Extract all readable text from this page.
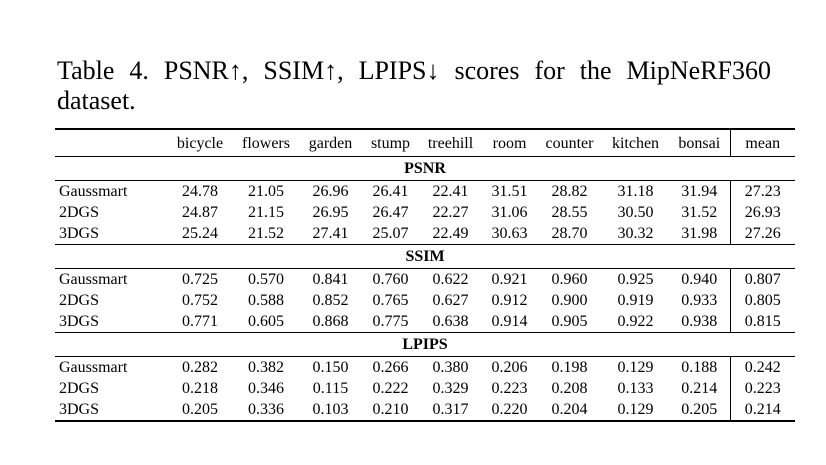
Table 4. PSNR↑, SSIM↑, LPIPS↓ scores for the MipNeRF360
dataset.

	bicycle	flowers	garden	stump	treehill	room	counter	kitchen	bonsai	mean
PSNR										
Gaussmart	24.78	21.05	26.96	26.41	22.41	31.51	28.82	31.18	31.94	27.23
2DGS	24.87	21.15	26.95	26.47	22.27	31.06	28.55	30.50	31.52	26.93
3DGS	25.24	21.52	27.41	25.07	22.49	30.63	28.70	30.32	31.98	27.26
SSIM										
Gaussmart	0.725	0.570	0.841	0.760	0.622	0.921	0.960	0.925	0.940	0.807
2DGS	0.752	0.588	0.852	0.765	0.627	0.912	0.900	0.919	0.933	0.805
3DGS	0.771	0.605	0.868	0.775	0.638	0.914	0.905	0.922	0.938	0.815
LPIPS										
Gaussmart	0.282	0.382	0.150	0.266	0.380	0.206	0.198	0.129	0.188	0.242
2DGS	0.218	0.346	0.115	0.222	0.329	0.223	0.208	0.133	0.214	0.223
3DGS	0.205	0.336	0.103	0.210	0.317	0.220	0.204	0.129	0.205	0.214
